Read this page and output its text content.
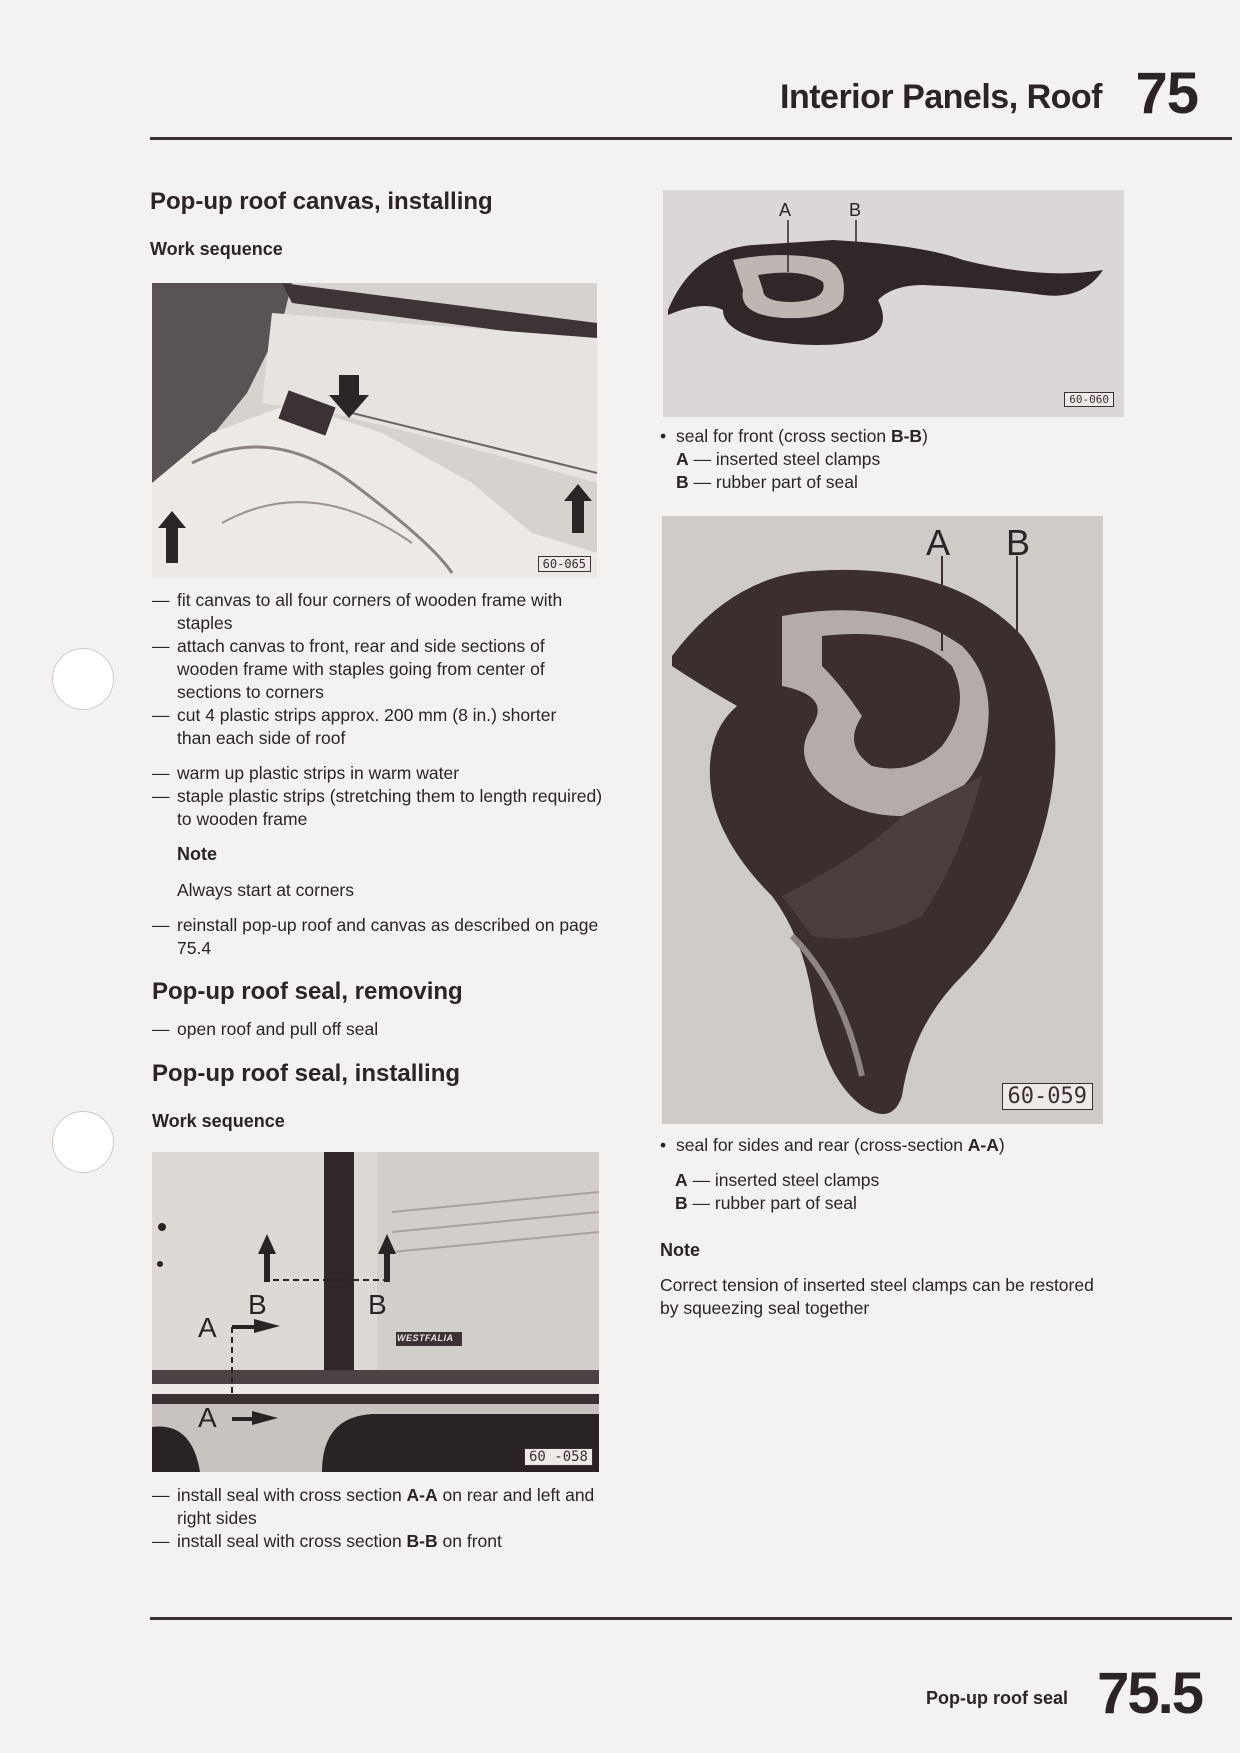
Interior Panels, Roof 75
Pop-up roof canvas, installing
Work sequence
60-065
— fit canvas to all four corners of wooden frame with staples
— attach canvas to front, rear and side sections of wooden frame with staples going from center of sections to corners
— cut 4 plastic strips approx. 200 mm (8 in.) shorter than each side of roof
— warm up plastic strips in warm water
— staple plastic strips (stretching them to length required) to wooden frame
Note
Always start at corners
— reinstall pop-up roof and canvas as described on page 75.4
Pop-up roof seal, removing
— open roof and pull off seal
Pop-up roof seal, installing
Work sequence
B	B
A
A
WESTFALIA
60 -058
— install seal with cross section A-A on rear and left and right sides
— install seal with cross section B-B on front
A	B
60-060
• seal for front (cross section B-B)
A — inserted steel clamps
B — rubber part of seal
A B
60-059
• seal for sides and rear (cross-section A-A)
A — inserted steel clamps
B — rubber part of seal
Note
Correct tension of inserted steel clamps can be restored by squeezing seal together
Pop-up roof seal 75.5
